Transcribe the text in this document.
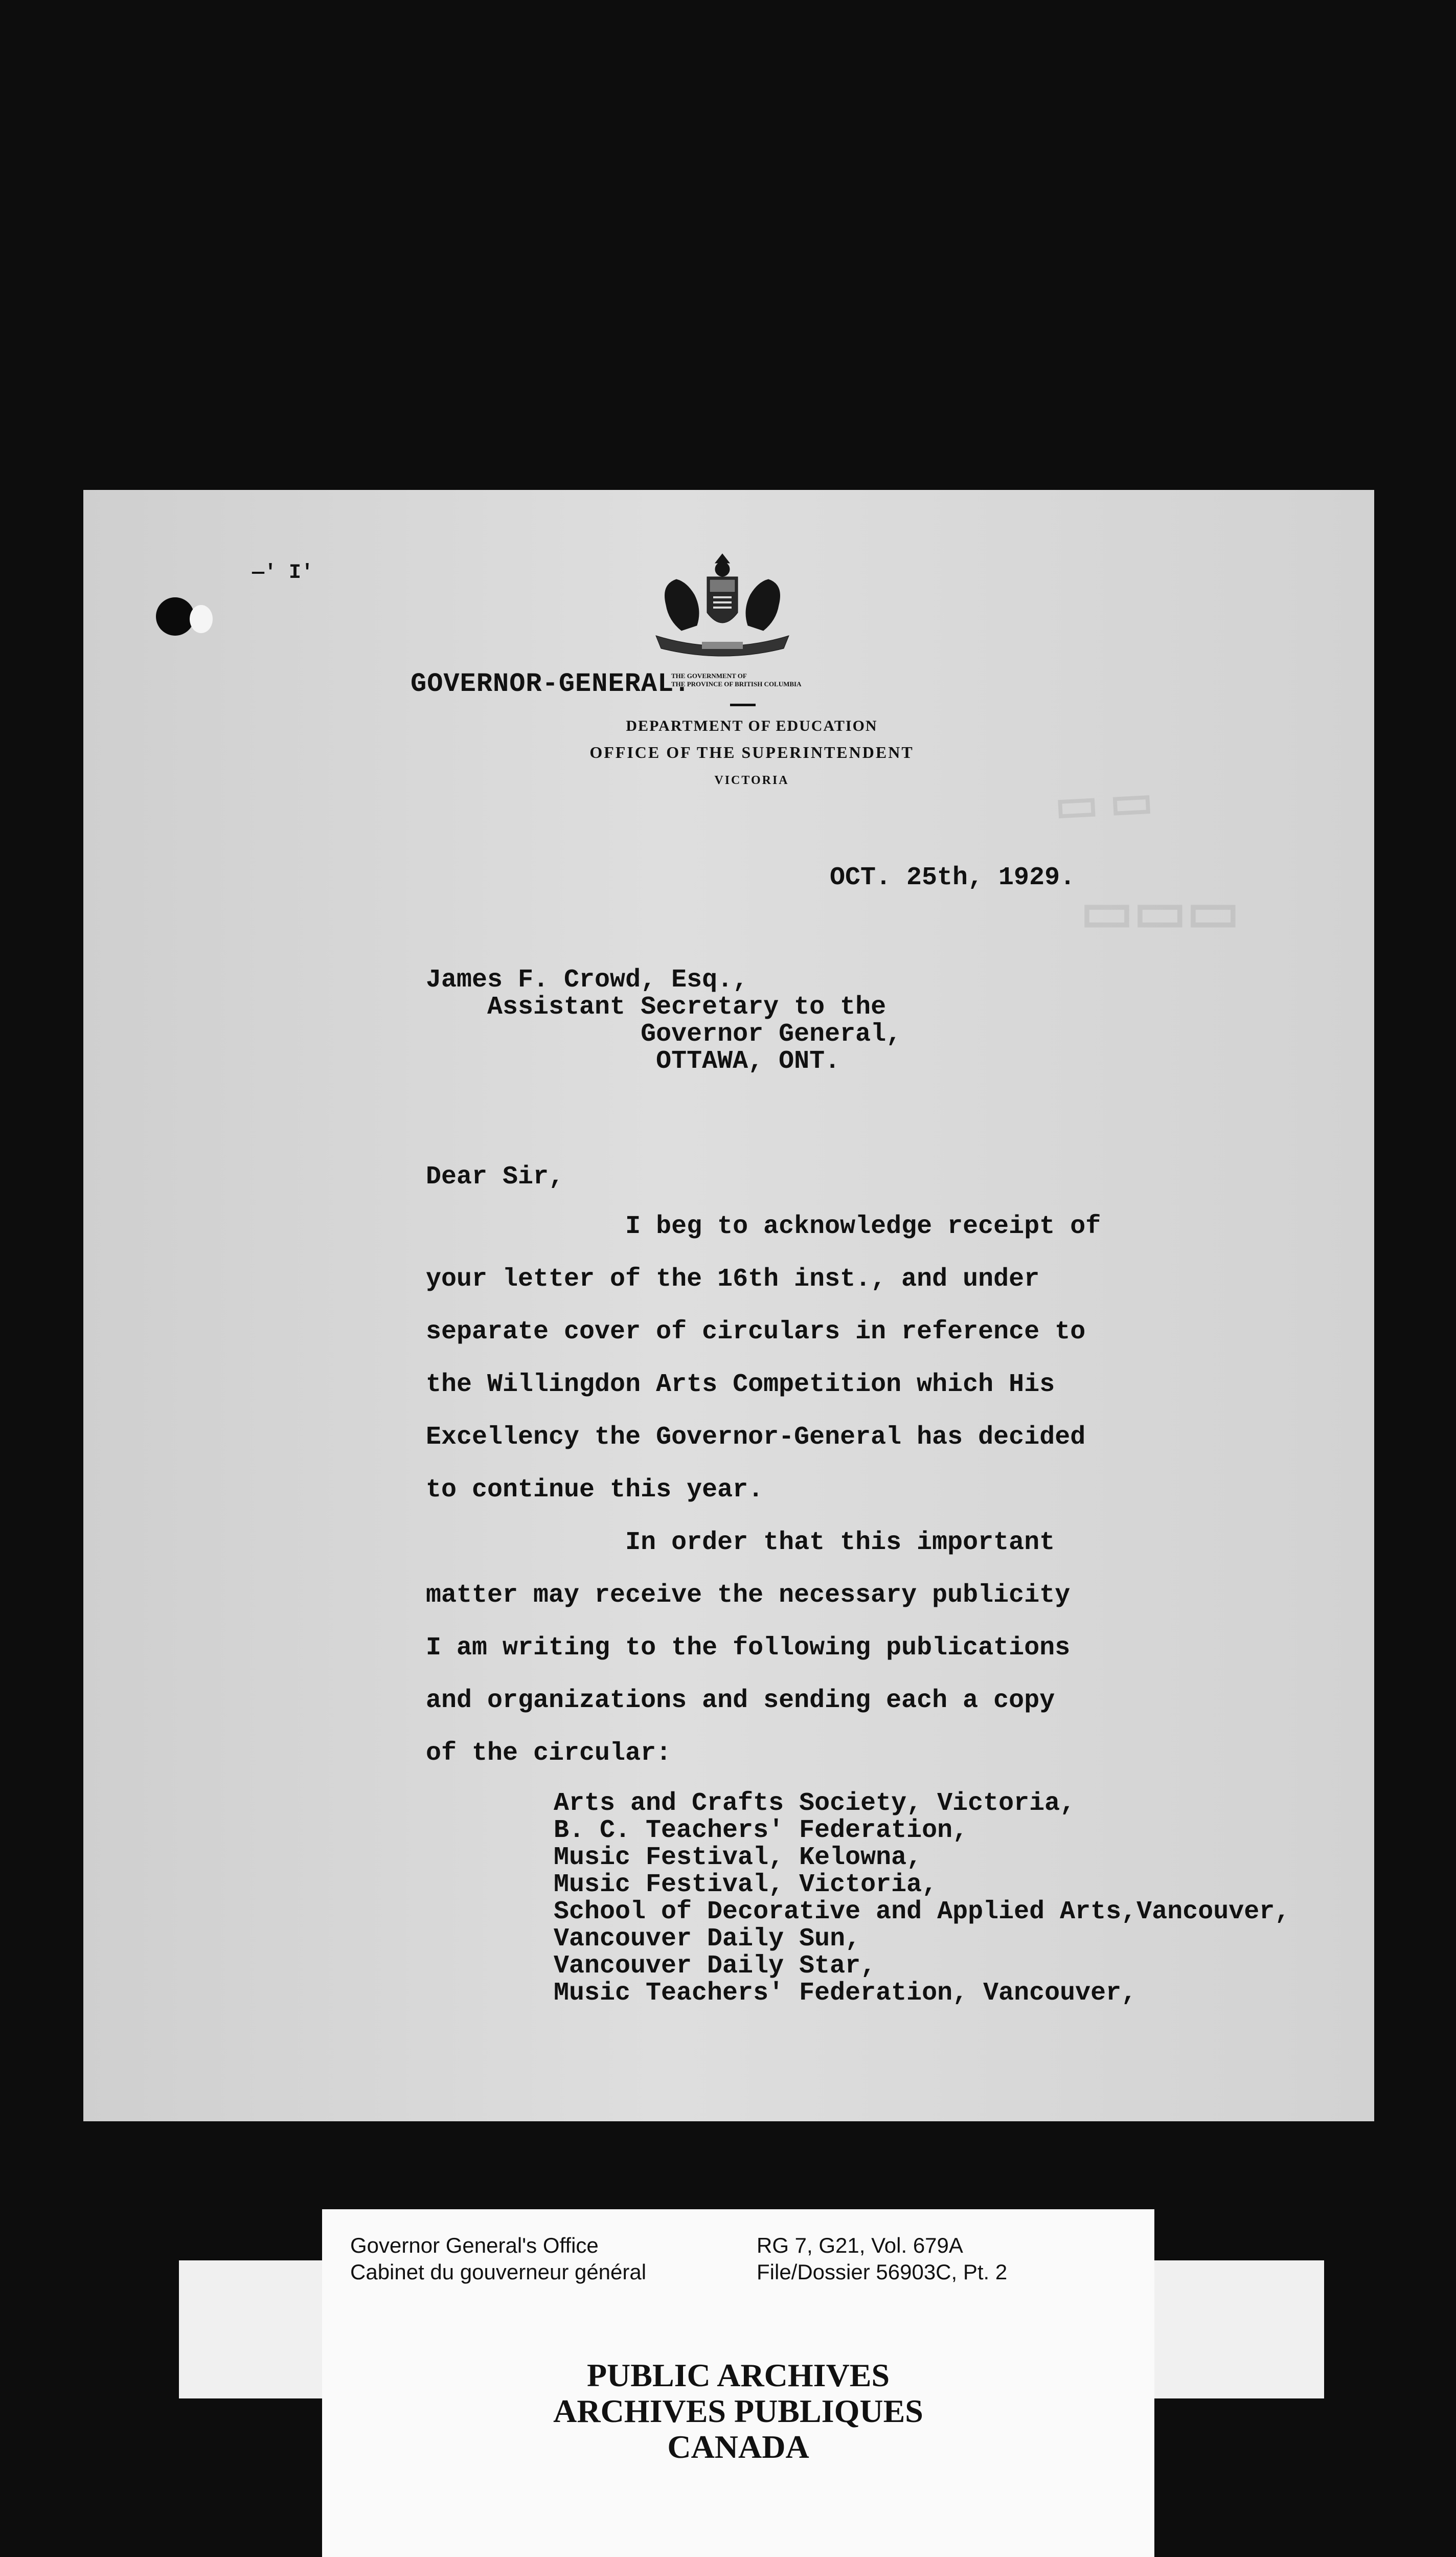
—' I'
▭ ▭
▭▭▭
GOVERNOR-GENERAL.
THE GOVERNMENT OF
THE PROVINCE OF BRITISH COLUMBIA
DEPARTMENT OF EDUCATION
OFFICE OF THE SUPERINTENDENT
VICTORIA
OCT. 25th, 1929.
James F. Crowd, Esq.,
Assistant Secretary to the
Governor General,
OTTAWA, ONT.
Dear Sir,
I beg to acknowledge receipt of
your letter of the 16th inst., and under
separate cover of circulars in reference to
the Willingdon Arts Competition which His
Excellency the Governor-General has decided
to continue this year.
In order that this important
matter may receive the necessary publicity
I am writing to the following publications
and organizations and sending each a copy
of the circular:
Arts and Crafts Society, Victoria,
B. C. Teachers' Federation,
Music Festival, Kelowna,
Music Festival, Victoria,
School of Decorative and Applied Arts,Vancouver,
Vancouver Daily Sun,
Vancouver Daily Star,
Music Teachers' Federation, Vancouver,
Governor General's Office
Cabinet du gouverneur général
RG 7, G21, Vol. 679A
File/Dossier 56903C, Pt. 2
PUBLIC ARCHIVES
ARCHIVES PUBLIQUES
CANADA
